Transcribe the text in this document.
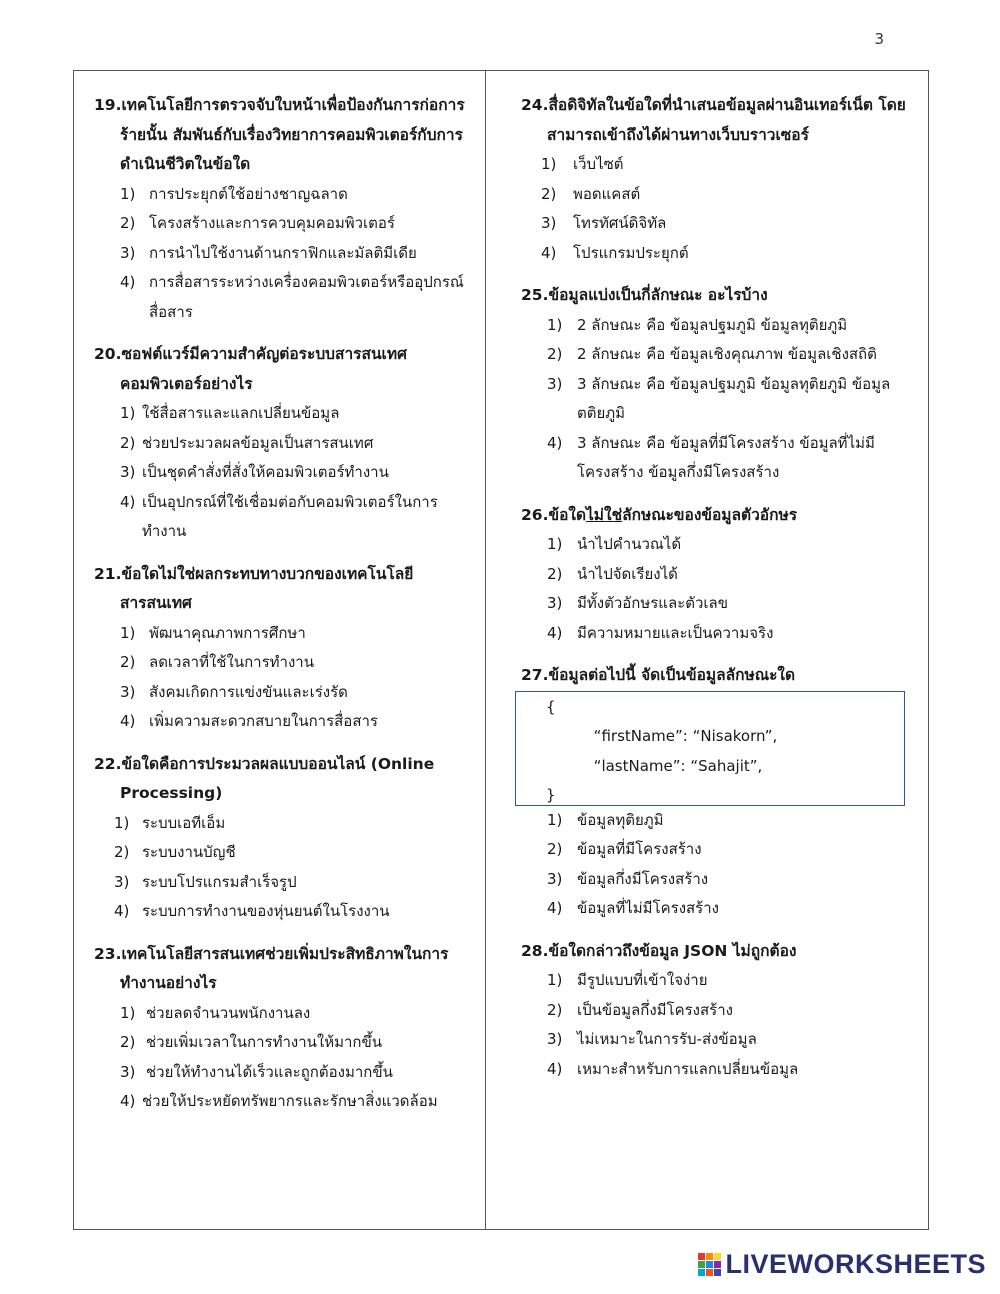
3
19.เทคโนโลยีการตรวจจับใบหน้าเพื่อป้องกันการก่อการร้ายนั้น สัมพันธ์กับเรื่องวิทยาการคอมพิวเตอร์กับการดำเนินชีวิตในข้อใด
1) การประยุกต์ใช้อย่างชาญฉลาด
2) โครงสร้างและการควบคุมคอมพิวเตอร์
3) การนำไปใช้งานด้านกราฟิกและมัลติมีเดีย
4) การสื่อสารระหว่างเครื่องคอมพิวเตอร์หรืออุปกรณ์สื่อสาร
20.ซอฟต์แวร์มีความสำคัญต่อระบบสารสนเทศคอมพิวเตอร์อย่างไร
1) ใช้สื่อสารและแลกเปลี่ยนข้อมูล
2) ช่วยประมวลผลข้อมูลเป็นสารสนเทศ
3) เป็นชุดคำสั่งที่สั่งให้คอมพิวเตอร์ทำงาน
4) เป็นอุปกรณ์ที่ใช้เชื่อมต่อกับคอมพิวเตอร์ในการทำงาน
21.ข้อใดไม่ใช่ผลกระทบทางบวกของเทคโนโลยีสารสนเทศ
1) พัฒนาคุณภาพการศึกษา
2) ลดเวลาที่ใช้ในการทำงาน
3) สังคมเกิดการแข่งขันและเร่งรัด
4) เพิ่มความสะดวกสบายในการสื่อสาร
22.ข้อใดคือการประมวลผลแบบออนไลน์ (Online Processing)
1) ระบบเอทีเอ็ม
2) ระบบงานบัญชี
3) ระบบโปรแกรมสำเร็จรูป
4) ระบบการทำงานของหุ่นยนต์ในโรงงาน
23.เทคโนโลยีสารสนเทศช่วยเพิ่มประสิทธิภาพในการทำงานอย่างไร
1) ช่วยลดจำนวนพนักงานลง
2) ช่วยเพิ่มเวลาในการทำงานให้มากขึ้น
3) ช่วยให้ทำงานได้เร็วและถูกต้องมากขึ้น
4) ช่วยให้ประหยัดทรัพยากรและรักษาสิ่งแวดล้อม
24.สื่อดิจิทัลในข้อใดที่นำเสนอข้อมูลผ่านอินเทอร์เน็ต โดยสามารถเข้าถึงได้ผ่านทางเว็บบราวเซอร์
1) เว็บไซต์
2) พอดแคสต์
3) โทรทัศน์ดิจิทัล
4) โปรแกรมประยุกต์
25.ข้อมูลแบ่งเป็นกี่ลักษณะ อะไรบ้าง
1) 2 ลักษณะ คือ ข้อมูลปฐมภูมิ ข้อมูลทุติยภูมิ
2) 2 ลักษณะ คือ ข้อมูลเชิงคุณภาพ ข้อมูลเชิงสถิติ
3) 3 ลักษณะ คือ ข้อมูลปฐมภูมิ ข้อมูลทุติยภูมิ ข้อมูลตติยภูมิ
4) 3 ลักษณะ คือ ข้อมูลที่มีโครงสร้าง ข้อมูลที่ไม่มีโครงสร้าง ข้อมูลกึ่งมีโครงสร้าง
26.ข้อใดไม่ใช่ลักษณะของข้อมูลตัวอักษร
1) นำไปคำนวณได้
2) นำไปจัดเรียงได้
3) มีทั้งตัวอักษรและตัวเลข
4) มีความหมายและเป็นความจริง
27.ข้อมูลต่อไปนี้ จัดเป็นข้อมูลลักษณะใด
{
“firstName”: “Nisakorn”,
“lastName”: “Sahajit”,
}
1) ข้อมูลทุติยภูมิ
2) ข้อมูลที่มีโครงสร้าง
3) ข้อมูลกึ่งมีโครงสร้าง
4) ข้อมูลที่ไม่มีโครงสร้าง
28.ข้อใดกล่าวถึงข้อมูล JSON ไม่ถูกต้อง
1) มีรูปแบบที่เข้าใจง่าย
2) เป็นข้อมูลกึ่งมีโครงสร้าง
3) ไม่เหมาะในการรับ-ส่งข้อมูล
4) เหมาะสำหรับการแลกเปลี่ยนข้อมูล
LIVEWORKSHEETS
